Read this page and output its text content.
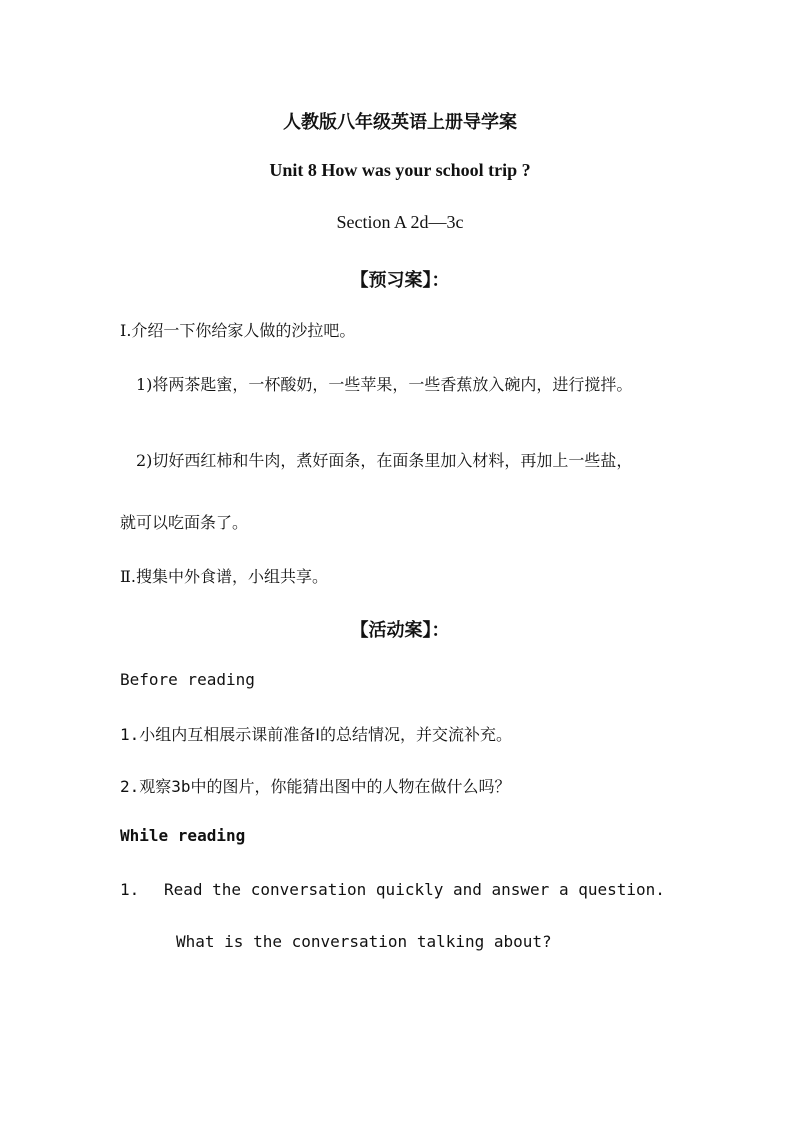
人教版八年级英语上册导学案
Unit 8 How was your school trip ?
Section A 2d—3c
【预习案】：
Ⅰ.介绍一下你给家人做的沙拉吧。
1)将两茶匙蜜，一杯酸奶，一些苹果，一些香蕉放入碗内，进行搅拌。
2)切好西红柿和牛肉，煮好面条，在面条里加入材料，再加上一些盐，
就可以吃面条了。
Ⅱ.搜集中外食谱，小组共享。
【活动案】：
Before reading
1.小组内互相展示课前准备Ⅰ的总结情况，并交流补充。
2.观察3b中的图片，你能猜出图中的人物在做什么吗？
While reading
1. Read the conversation quickly and answer a question.
What is the conversation talking about?
